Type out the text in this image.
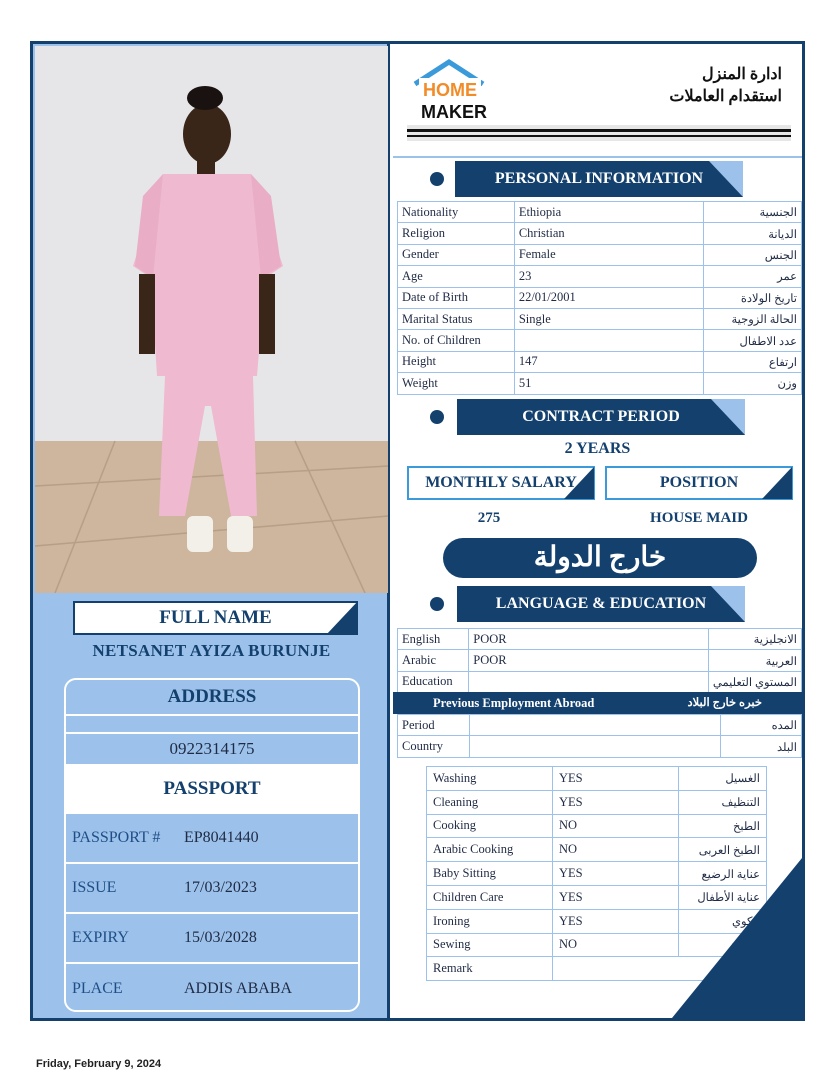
FULL NAME
NETSANET AYIZA BURUNJE
ADDRESS
0922314175
PASSPORT
PASSPORT #	EP8041440
ISSUE	17/03/2023
EXPIRY	15/03/2028
PLACE	ADDIS ABABA
HOME
MAKER
ادارة المنزل
استقدام العاملات
PERSONAL INFORMATION
Nationality	Ethiopia	الجنسية
Religion	Christian	الديانة
Gender	Female	الجنس
Age	23	عمر
Date of Birth	22/01/2001	تاريخ الولادة
Marital Status	Single	الحالة الزوجية
No. of Children		عدد الاطفال
Height	147	ارتفاع
Weight	51	وزن
CONTRACT PERIOD
2 YEARS
MONTHLY SALARY	POSITION
275	HOUSE MAID
خارج الدولة
LANGUAGE & EDUCATION
English	POOR	الانجليزية
Arabic	POOR	العربية
Education		المستوي التعليمي
Previous Employment Abroad	خبره خارج البلاد
Period		المده
Country		البلد
Washing	YES	الغسيل
Cleaning	YES	التنظيف
Cooking	NO	الطبخ
Arabic Cooking	NO	الطبخ العربى
Baby Sitting	YES	عناية الرضيع
Children Care	YES	عناية الأطفال
Ironing	YES	الكوي
Sewing	NO	خياطة
Remark		
Friday, February 9, 2024
